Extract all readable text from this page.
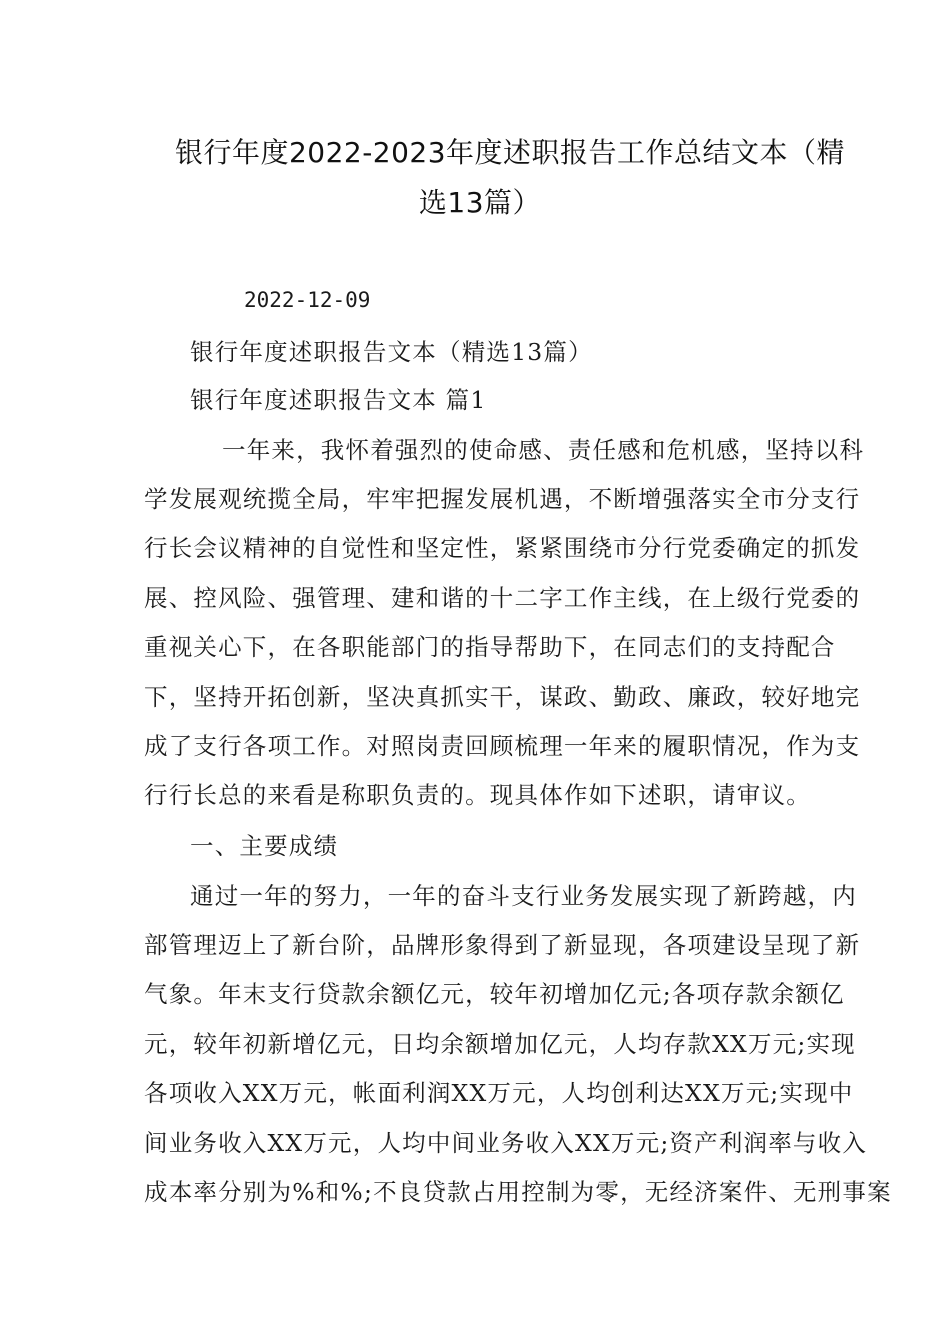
银行年度2022-2023年度述职报告工作总结文本（精
选13篇）
2022-12-09
银行年度述职报告文本（精选13篇）
银行年度述职报告文本 篇1
一年来，我怀着强烈的使命感、责任感和危机感，坚持以科
学发展观统揽全局，牢牢把握发展机遇，不断增强落实全市分支行
行长会议精神的自觉性和坚定性，紧紧围绕市分行党委确定的抓发
展、控风险、强管理、建和谐的十二字工作主线，在上级行党委的
重视关心下，在各职能部门的指导帮助下，在同志们的支持配合
下，坚持开拓创新，坚决真抓实干，谋政、勤政、廉政，较好地完
成了支行各项工作。对照岗责回顾梳理一年来的履职情况，作为支
行行长总的来看是称职负责的。现具体作如下述职，请审议。
一、主要成绩
通过一年的努力，一年的奋斗支行业务发展实现了新跨越，内
部管理迈上了新台阶，品牌形象得到了新显现，各项建设呈现了新
气象。年末支行贷款余额亿元，较年初增加亿元;各项存款余额亿
元，较年初新增亿元，日均余额增加亿元，人均存款XX万元;实现
各项收入XX万元，帐面利润XX万元，人均创利达XX万元;实现中
间业务收入XX万元，人均中间业务收入XX万元;资产利润率与收入
成本率分别为%和%;不良贷款占用控制为零，无经济案件、无刑事案
